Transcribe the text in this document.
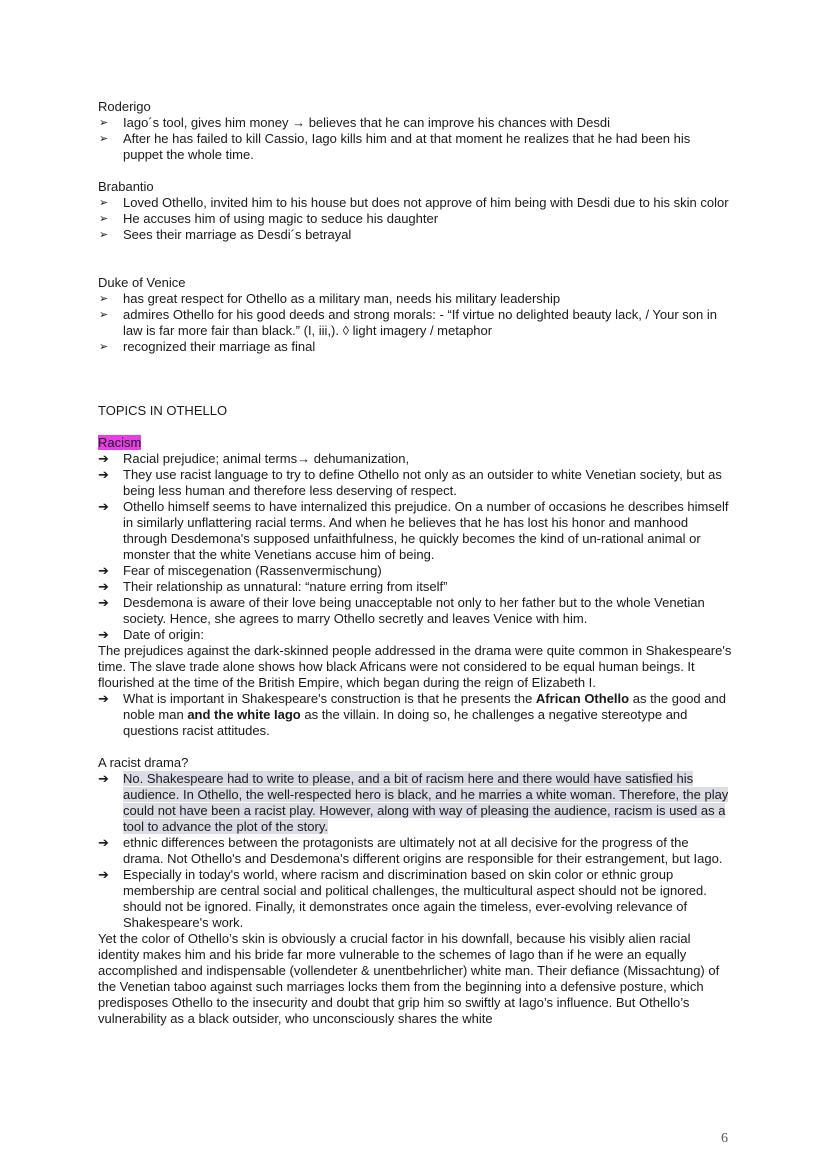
Roderigo

➢ Iago´s tool, gives him money → believes that he can improve his chances with Desdi
➢ After he has failed to kill Cassio, Iago kills him and at that moment he realizes that he had been his puppet the whole time.

Brabantio

➢ Loved Othello, invited him to his house but does not approve of him being with Desdi due to his skin color
➢ He accuses him of using magic to seduce his daughter
➢ Sees their marriage as Desdi´s betrayal

Duke of Venice

➢ has great respect for Othello as a military man, needs his military leadership
➢ admires Othello for his good deeds and strong morals: - “If virtue no delighted beauty lack, / Your son in law is far more fair than black.” (I, iii,). ◊ light imagery / metaphor
➢ recognized their marriage as final

TOPICS IN OTHELLO

Racism

➔ Racial prejudice; animal terms→ dehumanization,
➔ They use racist language to try to define Othello not only as an outsider to white Venetian society, but as being less human and therefore less deserving of respect.
➔ Othello himself seems to have internalized this prejudice. On a number of occasions he describes himself in similarly unflattering racial terms. And when he believes that he has lost his honor and manhood through Desdemona's supposed unfaithfulness, he quickly becomes the kind of un-rational animal or monster that the white Venetians accuse him of being.
➔ Fear of miscegenation (Rassenvermischung)
➔ Their relationship as unnatural: “nature erring from itself”
➔ Desdemona is aware of their love being unacceptable not only to her father but to the whole Venetian society. Hence, she agrees to marry Othello secretly and leaves Venice with him.
➔ Date of origin:

The prejudices against the dark-skinned people addressed in the drama were quite common in Shakespeare's time. The slave trade alone shows how black Africans were not considered to be equal human beings. It flourished at the time of the British Empire, which began during the reign of Elizabeth I.

➔ What is important in Shakespeare's construction is that he presents the African Othello as the good and noble man and the white Iago as the villain. In doing so, he challenges a negative stereotype and questions racist attitudes.

A racist drama?

➔ No. Shakespeare had to write to please, and a bit of racism here and there would have satisfied his audience. In Othello, the well-respected hero is black, and he marries a white woman. Therefore, the play could not have been a racist play. However, along with way of pleasing the audience, racism is used as a tool to advance the plot of the story.
➔ ethnic differences between the protagonists are ultimately not at all decisive for the progress of the drama. Not Othello's and Desdemona's different origins are responsible for their estrangement, but Iago.
➔ Especially in today's world, where racism and discrimination based on skin color or ethnic group membership are central social and political challenges, the multicultural aspect should not be ignored. should not be ignored. Finally, it demonstrates once again the timeless, ever-evolving relevance of Shakespeare's work.

Yet the color of Othello’s skin is obviously a crucial factor in his downfall, because his visibly alien racial identity makes him and his bride far more vulnerable to the schemes of Iago than if he were an equally accomplished and indispensable (vollendeter & unentbehrlicher) white man. Their defiance (Missachtung) of the Venetian taboo against such marriages locks them from the beginning into a defensive posture, which predisposes Othello to the insecurity and doubt that grip him so swiftly at Iago’s influence. But Othello’s vulnerability as a black outsider, who unconsciously shares the white

6
